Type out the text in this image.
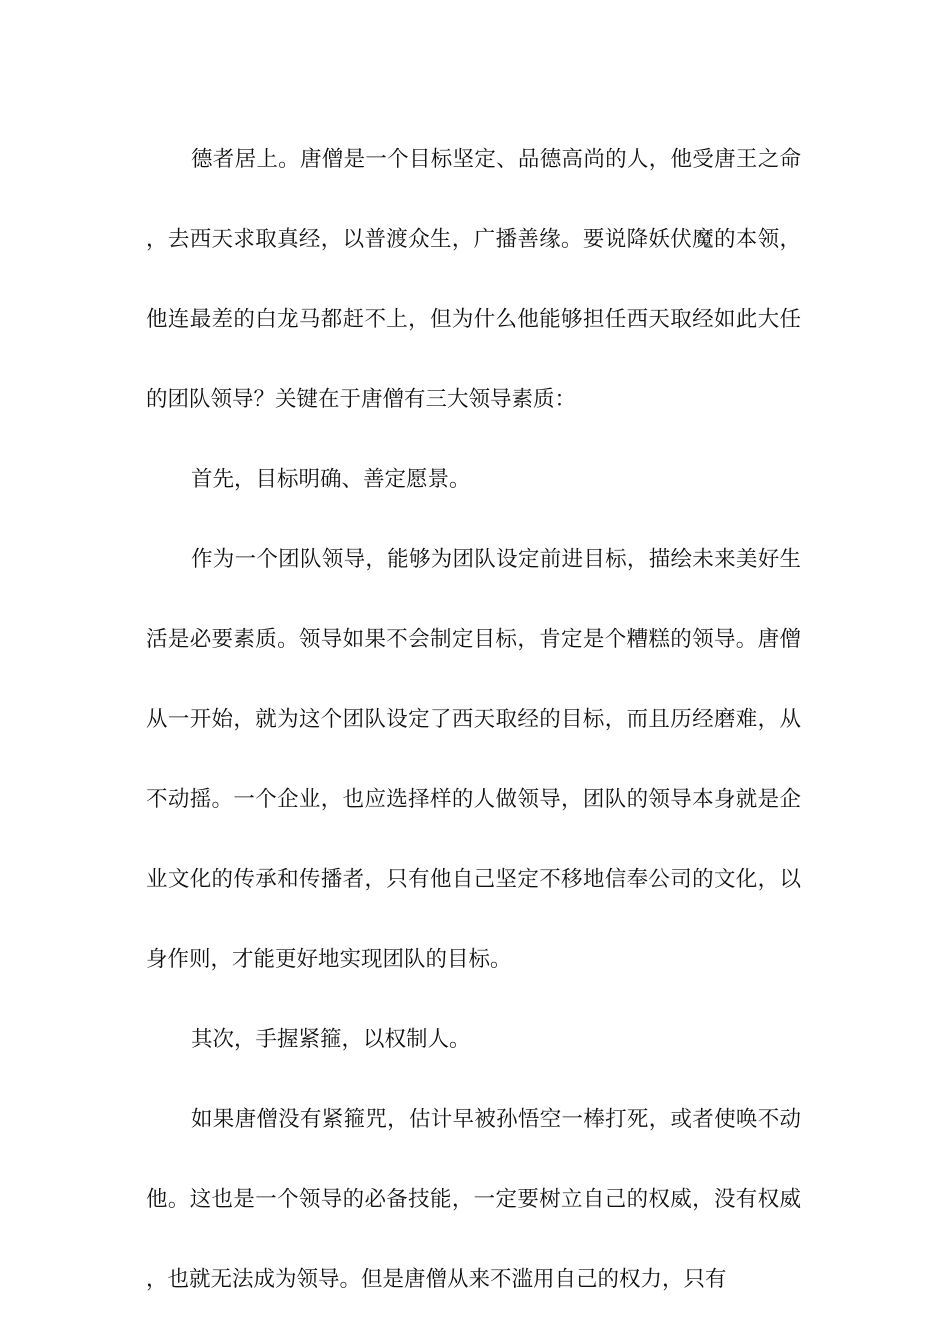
德者居上。唐僧是一个目标坚定、品德高尚的人，他受唐王之命，去西天求取真经，以普渡众生，广播善缘。要说降妖伏魔的本领，他连最差的白龙马都赶不上，但为什么他能够担任西天取经如此大任的团队领导？关键在于唐僧有三大领导素质：

首先，目标明确、善定愿景。

作为一个团队领导，能够为团队设定前进目标，描绘未来美好生活是必要素质。领导如果不会制定目标，肯定是个糟糕的领导。唐僧从一开始，就为这个团队设定了西天取经的目标，而且历经磨难，从不动摇。一个企业，也应选择样的人做领导，团队的领导本身就是企业文化的传承和传播者，只有他自己坚定不移地信奉公司的文化，以身作则，才能更好地实现团队的目标。

其次，手握紧箍，以权制人。

如果唐僧没有紧箍咒，估计早被孙悟空一棒打死，或者使唤不动他。这也是一个领导的必备技能，一定要树立自己的权威，没有权威，也就无法成为领导。但是唐僧从来不滥用自己的权力，只有
